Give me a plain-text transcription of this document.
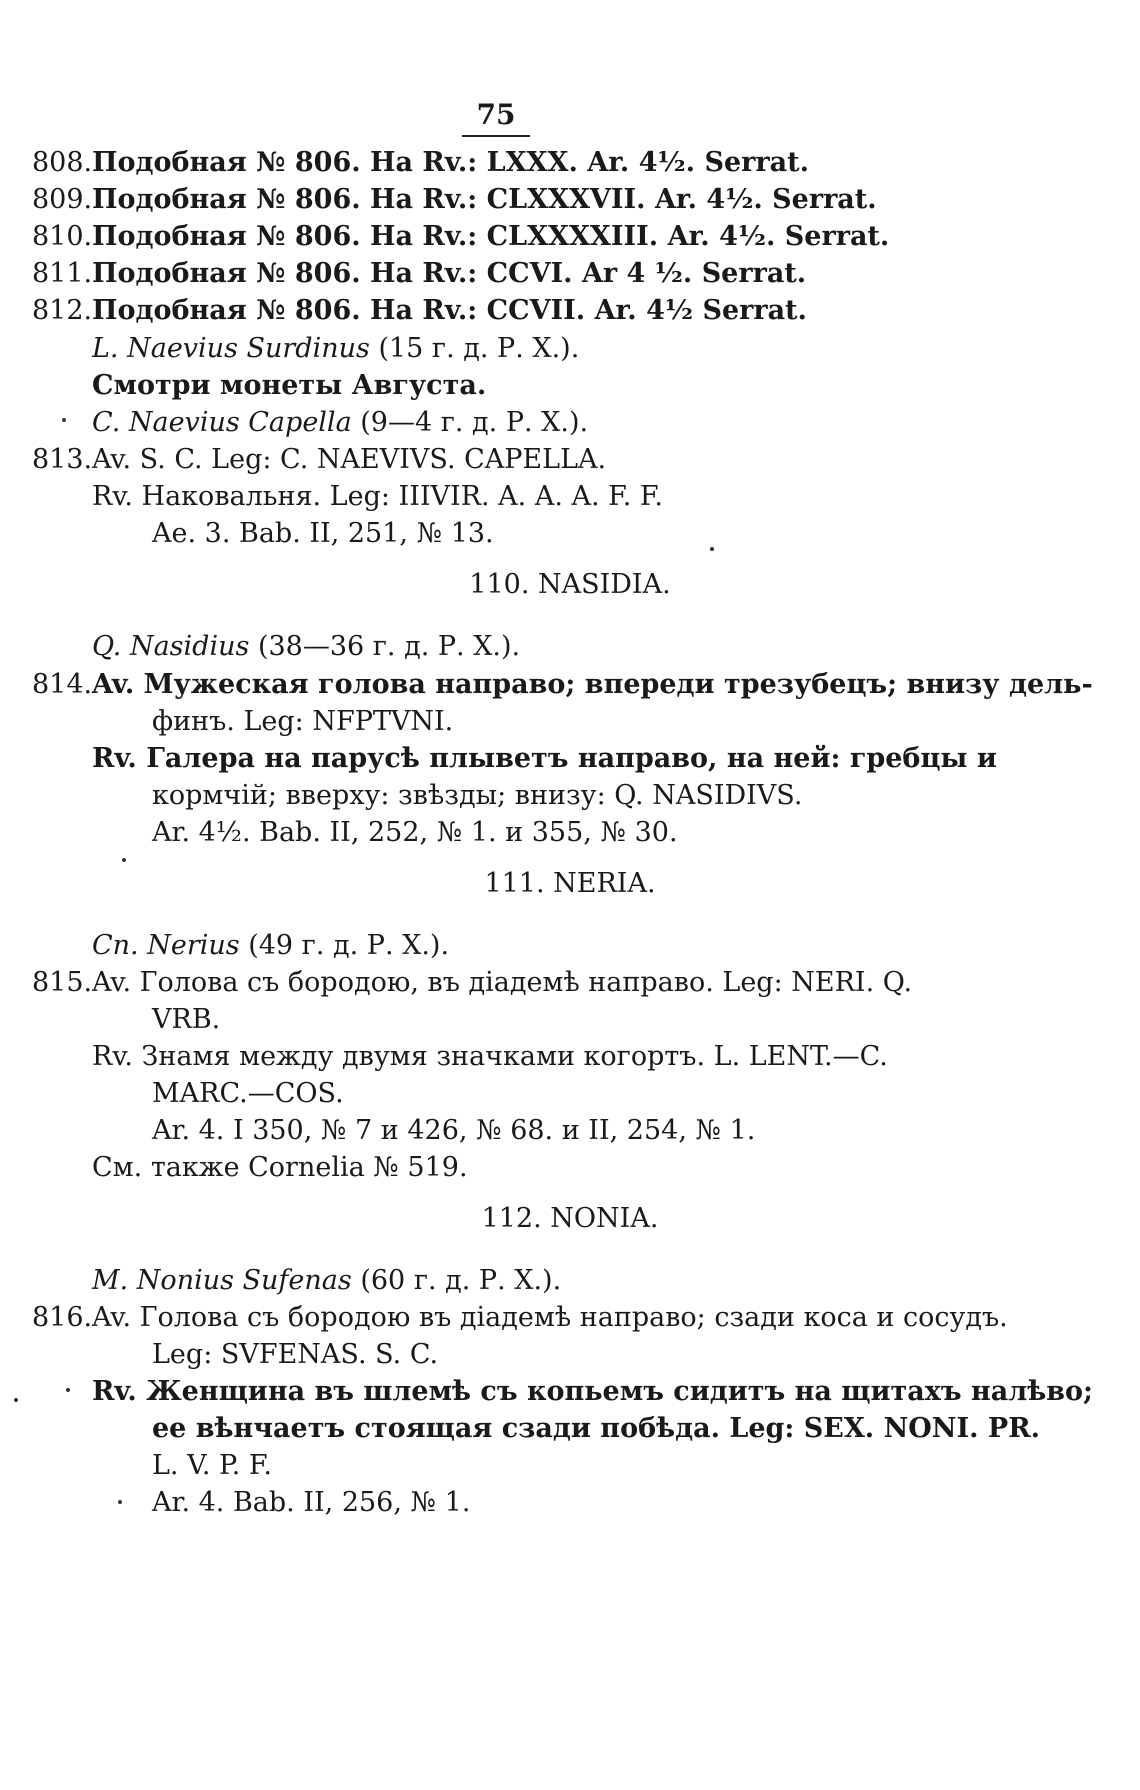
75
808. Подобная № 806. На Rv.: LXXX. Ar. 4½. Serrat.
809. Подобная № 806. На Rv.: CLXXXVII. Ar. 4½. Serrat.
810. Подобная № 806. На Rv.: CLXXXXIII. Ar. 4½. Serrat.
811. Подобная № 806. На Rv.: CCVI. Ar 4 ½. Serrat.
812. Подобная № 806. На Rv.: CCVII. Ar. 4½ Serrat.
L. Naevius Surdinus (15 г. д. Р. Х.).
Смотри монеты Августа.
C. Naevius Capella (9—4 г. д. Р. Х.).
813. Av. S. C. Leg: C. NAEVIVS. CAPELLA.
Rv. Наковальня. Leg: IIIVIR. A. A. A. F. F.
Ae. 3. Bab. II, 251, № 13.
110. NASIDIA.
Q. Nasidius (38—36 г. д. Р. Х.).
814. Av. Мужеская голова направо; впереди трезубецъ; внизу дель-
финъ. Leg: NFPTVNI.
Rv. Галера на парусѣ плыветъ направо, на ней: гребцы и
кормчій; вверху: звѣзды; внизу: Q. NASIDIVS.
Ar. 4½. Bab. II, 252, № 1. и 355, № 30.
111. NERIA.
Cn. Nerius (49 г. д. Р. Х.).
815. Av. Голова съ бородою, въ діадемѣ направо. Leg: NERI. Q.
VRB.
Rv. Знамя между двумя значками когортъ. L. LENT.—C.
MARC.—COS.
Ar. 4. I 350, № 7 и 426, № 68. и II, 254, № 1.
См. также Cornelia № 519.
112. NONIA.
M. Nonius Sufenas (60 г. д. Р. Х.).
816. Av. Голова съ бородою въ діадемѣ направо; сзади коса и сосудъ.
Leg: SVFENAS. S. C.
Rv. Женщина въ шлемѣ съ копьемъ сидитъ на щитахъ налѣво;
ее вѣнчаетъ стоящая сзади побѣда. Leg: SEX. NONI. PR.
L. V. P. F.
Ar. 4. Bab. II, 256, № 1.
